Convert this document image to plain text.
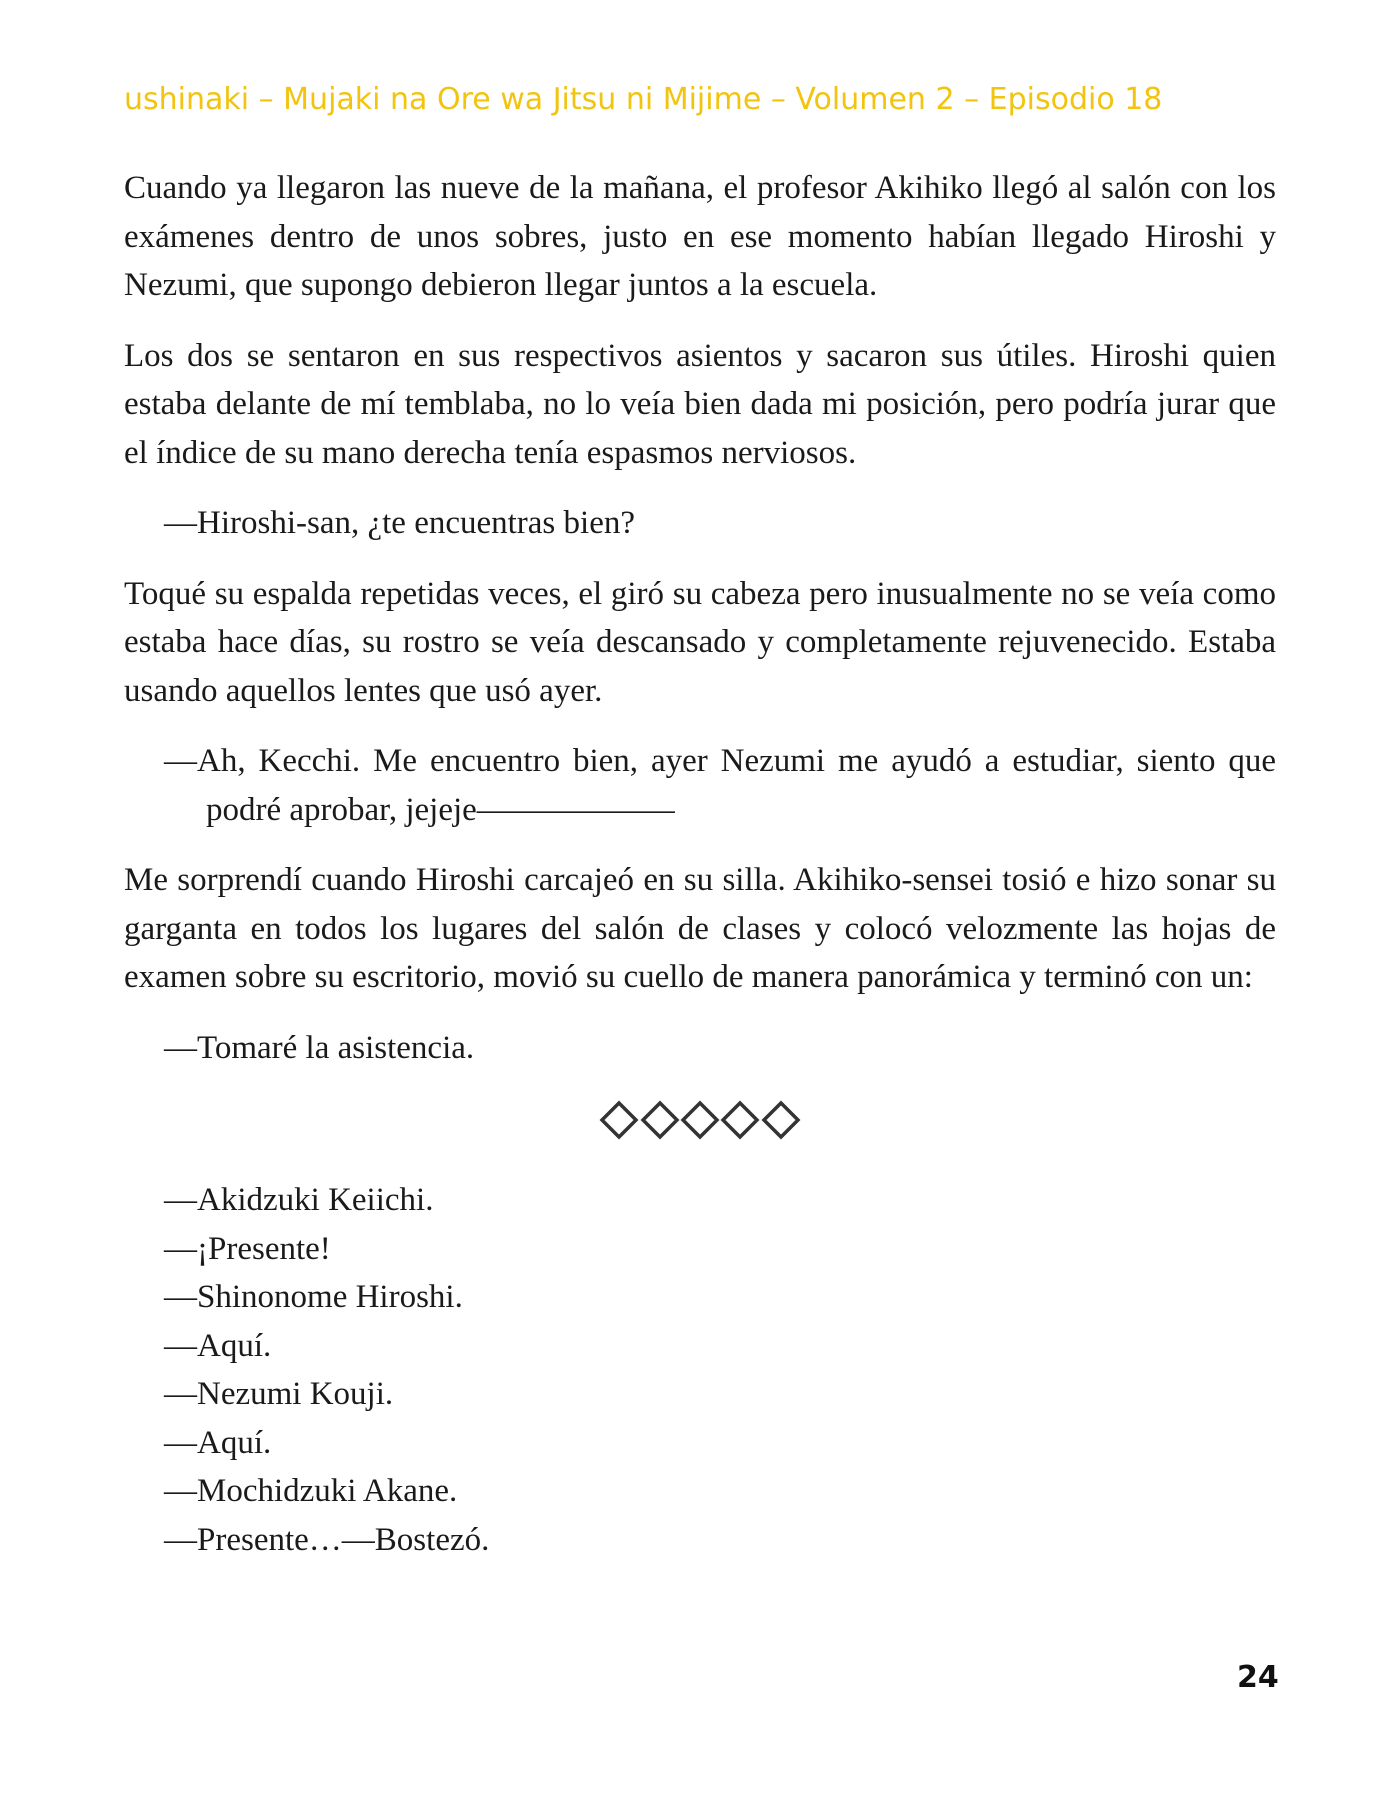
ushinaki – Mujaki na Ore wa Jitsu ni Mijime – Volumen 2 – Episodio 18

Cuando ya llegaron las nueve de la mañana, el profesor Akihiko llegó al salón con los exámenes dentro de unos sobres, justo en ese momento habían llegado Hiroshi y Nezumi, que supongo debieron llegar juntos a la escuela.

Los dos se sentaron en sus respectivos asientos y sacaron sus útiles. Hiroshi quien estaba delante de mí temblaba, no lo veía bien dada mi posición, pero podría jurar que el índice de su mano derecha tenía espasmos nerviosos.

—Hiroshi-san, ¿te encuentras bien?

Toqué su espalda repetidas veces, el giró su cabeza pero inusualmente no se veía como estaba hace días, su rostro se veía descansado y completamente rejuvenecido. Estaba usando aquellos lentes que usó ayer.

—Ah, Kecchi. Me encuentro bien, ayer Nezumi me ayudó a estudiar, siento que podré aprobar, jejeje——————

Me sorprendí cuando Hiroshi carcajeó en su silla. Akihiko-sensei tosió e hizo sonar su garganta en todos los lugares del salón de clases y colocó velozmente las hojas de examen sobre su escritorio, movió su cuello de manera panorámica y terminó con un:

—Tomaré la asistencia.

—Akidzuki Keiichi.
—¡Presente!
—Shinonome Hiroshi.
—Aquí.
—Nezumi Kouji.
—Aquí.
—Mochidzuki Akane.
—Presente…—Bostezó.
24
